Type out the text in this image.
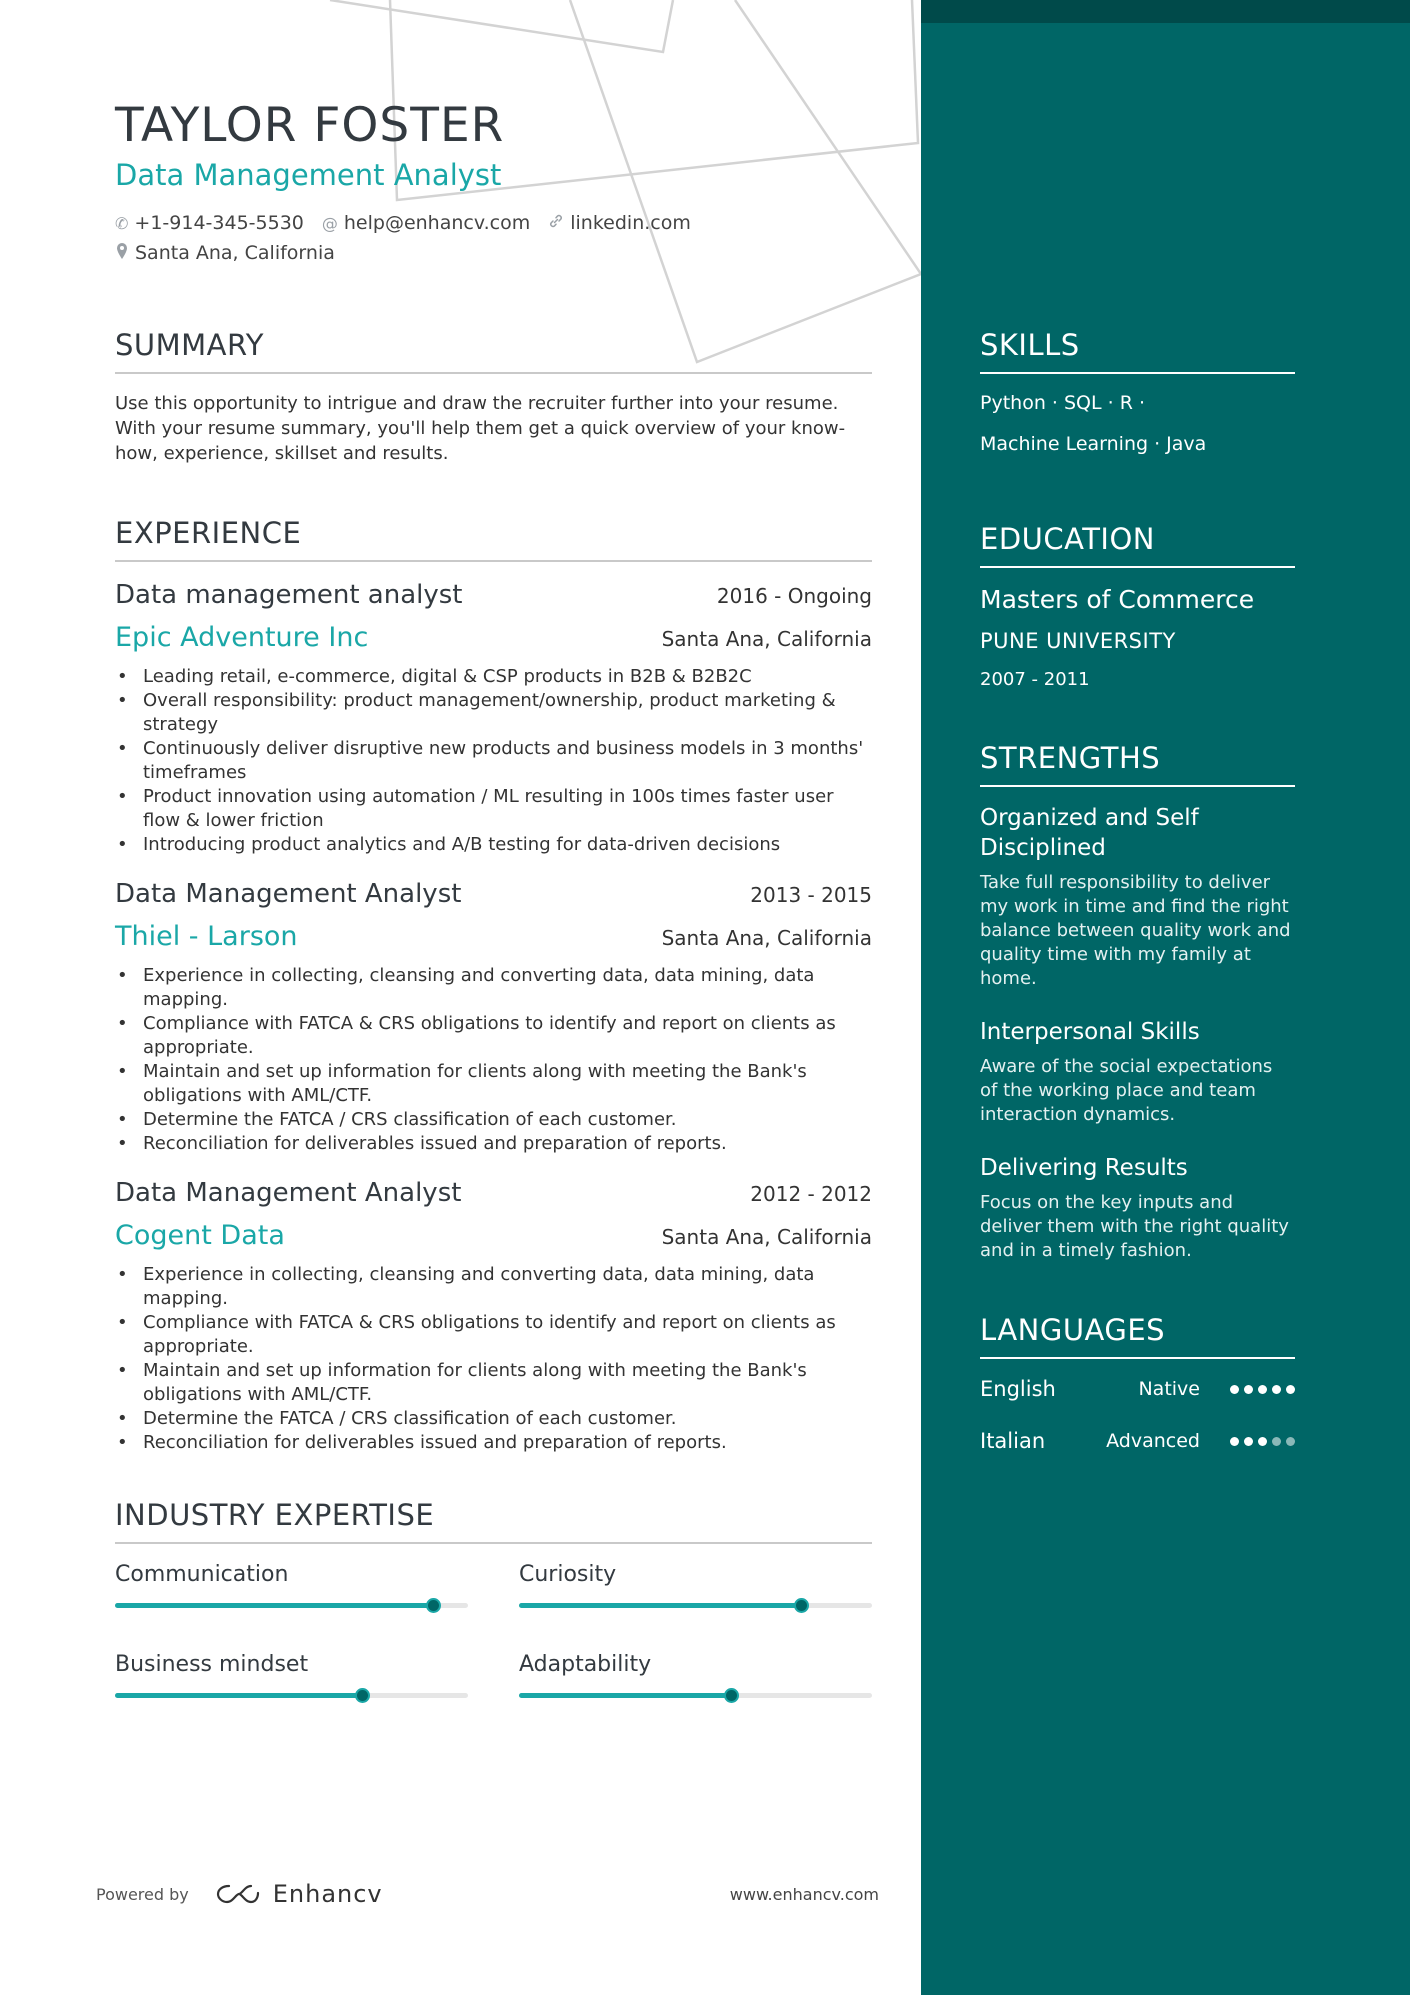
SKILLS
Python · SQL · R ·
Machine Learning · Java
EDUCATION
Masters of Commerce
PUNE UNIVERSITY
2007 - 2011
STRENGTHS
Organized and Self Disciplined
Take full responsibility to deliver my work in time and find the right balance between quality work and quality time with my family at home.
Interpersonal Skills
Aware of the social expectations of the working place and team interaction dynamics.
Delivering Results
Focus on the key inputs and deliver them with the right quality and in a timely fashion.
LANGUAGES
English	Native
Italian	Advanced
TAYLOR FOSTER
Data Management Analyst
✆ +1-914-345-5530 @ help@enhancv.com linkedin.com
Santa Ana, California
SUMMARY
Use this opportunity to intrigue and draw the recruiter further into your resume. With your resume summary, you'll help them get a quick overview of your know-how, experience, skillset and results.
EXPERIENCE
Data management analyst	2016 - Ongoing
Epic Adventure Inc	Santa Ana, California
• Leading retail, e-commerce, digital & CSP products in B2B & B2B2C
• Overall responsibility: product management/ownership, product marketing & strategy
• Continuously deliver disruptive new products and business models in 3 months' timeframes
• Product innovation using automation / ML resulting in 100s times faster user flow & lower friction
• Introducing product analytics and A/B testing for data-driven decisions
Data Management Analyst	2013 - 2015
Thiel - Larson	Santa Ana, California
• Experience in collecting, cleansing and converting data, data mining, data mapping.
• Compliance with FATCA & CRS obligations to identify and report on clients as appropriate.
• Maintain and set up information for clients along with meeting the Bank's obligations with AML/CTF.
• Determine the FATCA / CRS classification of each customer.
• Reconciliation for deliverables issued and preparation of reports.
Data Management Analyst	2012 - 2012
Cogent Data	Santa Ana, California
• Experience in collecting, cleansing and converting data, data mining, data mapping.
• Compliance with FATCA & CRS obligations to identify and report on clients as appropriate.
• Maintain and set up information for clients along with meeting the Bank's obligations with AML/CTF.
• Determine the FATCA / CRS classification of each customer.
• Reconciliation for deliverables issued and preparation of reports.
INDUSTRY EXPERTISE
Communication	Curiosity
Business mindset	Adaptability
Powered by	Enhancv	www.enhancv.com
